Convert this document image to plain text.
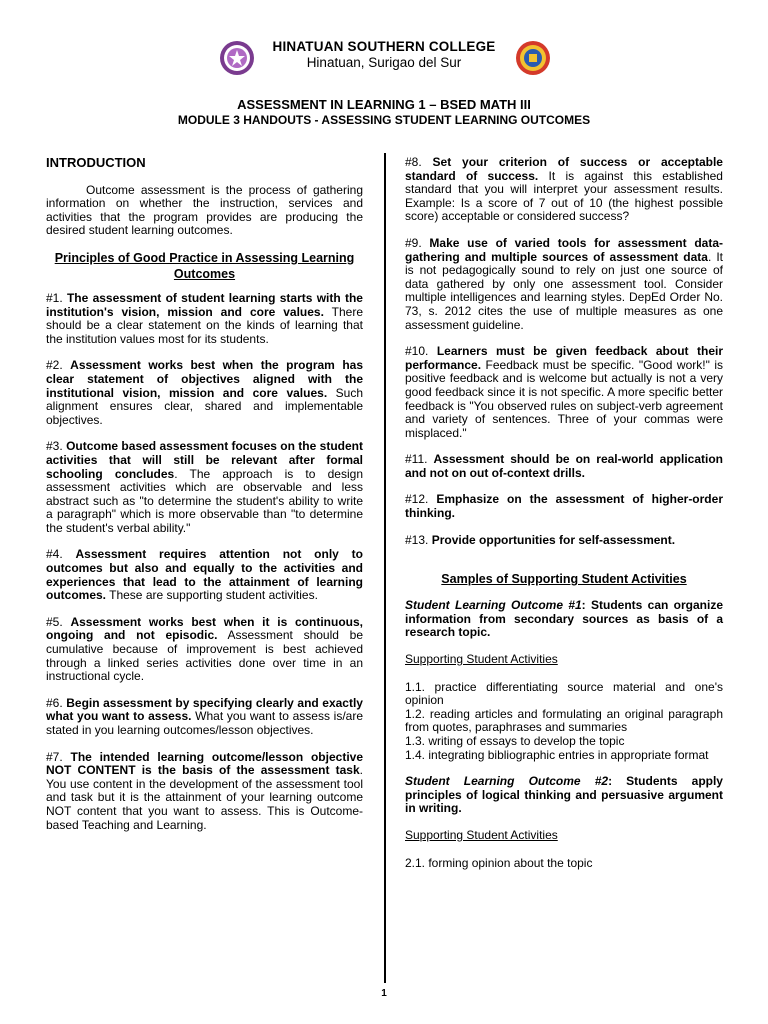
HINATUAN SOUTHERN COLLEGE
Hinatuan, Surigao del Sur
ASSESSMENT IN LEARNING 1 – BSED MATH III
MODULE 3 HANDOUTS - ASSESSING STUDENT LEARNING OUTCOMES

INTRODUCTION

Outcome assessment is the process of gathering information on whether the instruction, services and activities that the program provides are producing the desired student learning outcomes.

Principles of Good Practice in Assessing Learning Outcomes

#1. The assessment of student learning starts with the institution's vision, mission and core values. There should be a clear statement on the kinds of learning that the institution values most for its students.

#2. Assessment works best when the program has clear statement of objectives aligned with the institutional vision, mission and core values. Such alignment ensures clear, shared and implementable objectives.

#3. Outcome based assessment focuses on the student activities that will still be relevant after formal schooling concludes. The approach is to design assessment activities which are observable and less abstract such as "to determine the student's ability to write a paragraph" which is more observable than "to determine the student's verbal ability."

#4. Assessment requires attention not only to outcomes but also and equally to the activities and experiences that lead to the attainment of learning outcomes. These are supporting student activities.

#5. Assessment works best when it is continuous, ongoing and not episodic. Assessment should be cumulative because of improvement is best achieved through a linked series activities done over time in an instructional cycle.

#6. Begin assessment by specifying clearly and exactly what you want to assess. What you want to assess is/are stated in you learning outcomes/lesson objectives.

#7. The intended learning outcome/lesson objective NOT CONTENT is the basis of the assessment task. You use content in the development of the assessment tool and task but it is the attainment of your learning outcome NOT content that you want to assess. This is Outcome-based Teaching and Learning.

#8. Set your criterion of success or acceptable standard of success. It is against this established standard that you will interpret your assessment results. Example: Is a score of 7 out of 10 (the highest possible score) acceptable or considered success?

#9. Make use of varied tools for assessment data-gathering and multiple sources of assessment data. It is not pedagogically sound to rely on just one source of data gathered by only one assessment tool. Consider multiple intelligences and learning styles. DepEd Order No. 73, s. 2012 cites the use of multiple measures as one assessment guideline.

#10. Learners must be given feedback about their performance. Feedback must be specific. "Good work!" is positive feedback and is welcome but actually is not a very good feedback since it is not specific. A more specific better feedback is "You observed rules on subject-verb agreement and variety of sentences. Three of your commas were misplaced."

#11. Assessment should be on real-world application and not on out of-context drills.

#12. Emphasize on the assessment of higher-order thinking.

#13. Provide opportunities for self-assessment.

Samples of Supporting Student Activities

Student Learning Outcome #1: Students can organize information from secondary sources as basis of a research topic.

Supporting Student Activities

1.1. practice differentiating source material and one's opinion

1.2. reading articles and formulating an original paragraph from quotes, paraphrases and summaries

1.3. writing of essays to develop the topic

1.4. integrating bibliographic entries in appropriate format

Student Learning Outcome #2: Students apply principles of logical thinking and persuasive argument in writing.

Supporting Student Activities

2.1. forming opinion about the topic

1
